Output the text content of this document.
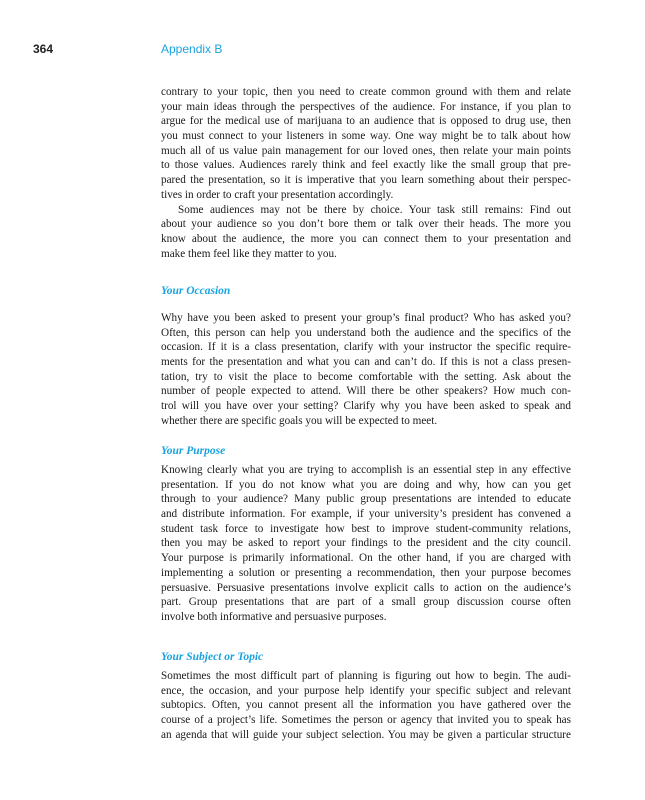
364	Appendix B
contrary to your topic, then you need to create common ground with them and relate
your main ideas through the perspectives of the audience. For instance, if you plan to
argue for the medical use of marijuana to an audience that is opposed to drug use, then
you must connect to your listeners in some way. One way might be to talk about how
much all of us value pain management for our loved ones, then relate your main points
to those values. Audiences rarely think and feel exactly like the small group that pre-
pared the presentation, so it is imperative that you learn something about their perspec-
tives in order to craft your presentation accordingly.
Some audiences may not be there by choice. Your task still remains: Find out
about your audience so you don’t bore them or talk over their heads. The more you
know about the audience, the more you can connect them to your presentation and
make them feel like they matter to you.
Your Occasion
Why have you been asked to present your group’s final product? Who has asked you?
Often, this person can help you understand both the audience and the specifics of the
occasion. If it is a class presentation, clarify with your instructor the specific require-
ments for the presentation and what you can and can’t do. If this is not a class presen-
tation, try to visit the place to become comfortable with the setting. Ask about the
number of people expected to attend. Will there be other speakers? How much con-
trol will you have over your setting? Clarify why you have been asked to speak and
whether there are specific goals you will be expected to meet.
Your Purpose
Knowing clearly what you are trying to accomplish is an essential step in any effective
presentation. If you do not know what you are doing and why, how can you get
through to your audience? Many public group presentations are intended to educate
and distribute information. For example, if your university’s president has convened a
student task force to investigate how best to improve student-community relations,
then you may be asked to report your findings to the president and the city council.
Your purpose is primarily informational. On the other hand, if you are charged with
implementing a solution or presenting a recommendation, then your purpose becomes
persuasive. Persuasive presentations involve explicit calls to action on the audience’s
part. Group presentations that are part of a small group discussion course often
involve both informative and persuasive purposes.
Your Subject or Topic
Sometimes the most difficult part of planning is figuring out how to begin. The audi-
ence, the occasion, and your purpose help identify your specific subject and relevant
subtopics. Often, you cannot present all the information you have gathered over the
course of a project’s life. Sometimes the person or agency that invited you to speak has
an agenda that will guide your subject selection. You may be given a particular structure
